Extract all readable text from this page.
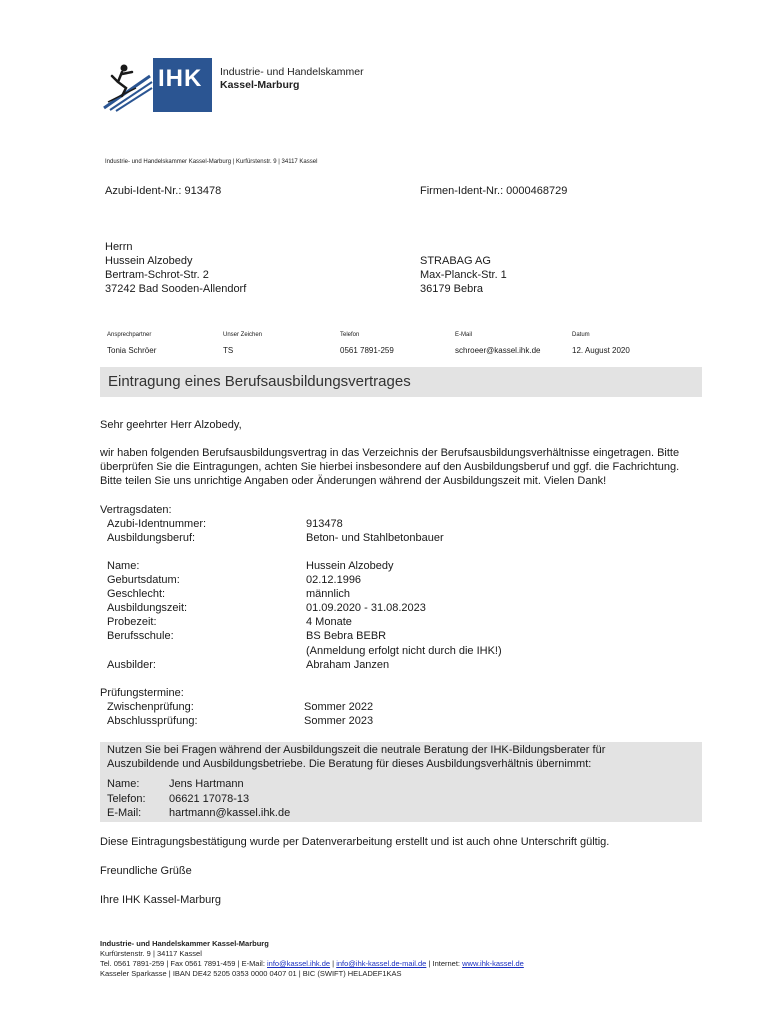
IHK Industrie- und Handelskammer
Kassel-Marburg
Industrie- und Handelskammer Kassel-Marburg | Kurfürstenstr. 9 | 34117 Kassel
Azubi-Ident-Nr.: 913478	Firmen-Ident-Nr.: 0000468729
Herrn
Hussein Alzobedy
Bertram-Schrot-Str. 2
37242 Bad Sooden-Allendorf
STRABAG AG
Max-Planck-Str. 1
36179 Bebra
Ansprechpartner	Unser Zeichen	Telefon	E-Mail	Datum
Tonia Schröer	TS	0561 7891-259	schroeer@kassel.ihk.de	12. August 2020
Eintragung eines Berufsausbildungsvertrages
Sehr geehrter Herr Alzobedy,
wir haben folgenden Berufsausbildungsvertrag in das Verzeichnis der Berufsausbildungsverhältnisse eingetragen. Bitte
überprüfen Sie die Eintragungen, achten Sie hierbei insbesondere auf den Ausbildungsberuf und ggf. die Fachrichtung.
Bitte teilen Sie uns unrichtige Angaben oder Änderungen während der Ausbildungszeit mit. Vielen Dank!
Vertragsdaten:
Azubi-Identnummer:	913478
Ausbildungsberuf:	Beton- und Stahlbetonbauer
Name:	Hussein Alzobedy
Geburtsdatum:	02.12.1996
Geschlecht:	männlich
Ausbildungszeit:	01.09.2020 - 31.08.2023
Probezeit:	4 Monate
Berufsschule:	BS Bebra BEBR
(Anmeldung erfolgt nicht durch die IHK!)
Ausbilder:	Abraham Janzen
Prüfungstermine:
Zwischenprüfung:	Sommer 2022
Abschlussprüfung:	Sommer 2023
Nutzen Sie bei Fragen während der Ausbildungszeit die neutrale Beratung der IHK-Bildungsberater für
Auszubildende und Ausbildungsbetriebe. Die Beratung für dieses Ausbildungsverhältnis übernimmt:
Name:	Jens Hartmann
Telefon: 06621 17078-13
E-Mail:	hartmann@kassel.ihk.de
Diese Eintragungsbestätigung wurde per Datenverarbeitung erstellt und ist auch ohne Unterschrift gültig.
Freundliche Grüße
Ihre IHK Kassel-Marburg
Industrie- und Handelskammer Kassel-Marburg
Kurfürstenstr. 9 | 34117 Kassel
Tel. 0561 7891-259 | Fax 0561 7891-459 | E-Mail: info@kassel.ihk.de | info@ihk-kassel.de-mail.de | Internet: www.ihk-kassel.de
Kasseler Sparkasse | IBAN DE42 5205 0353 0000 0407 01 | BIC (SWIFT) HELADEF1KAS
